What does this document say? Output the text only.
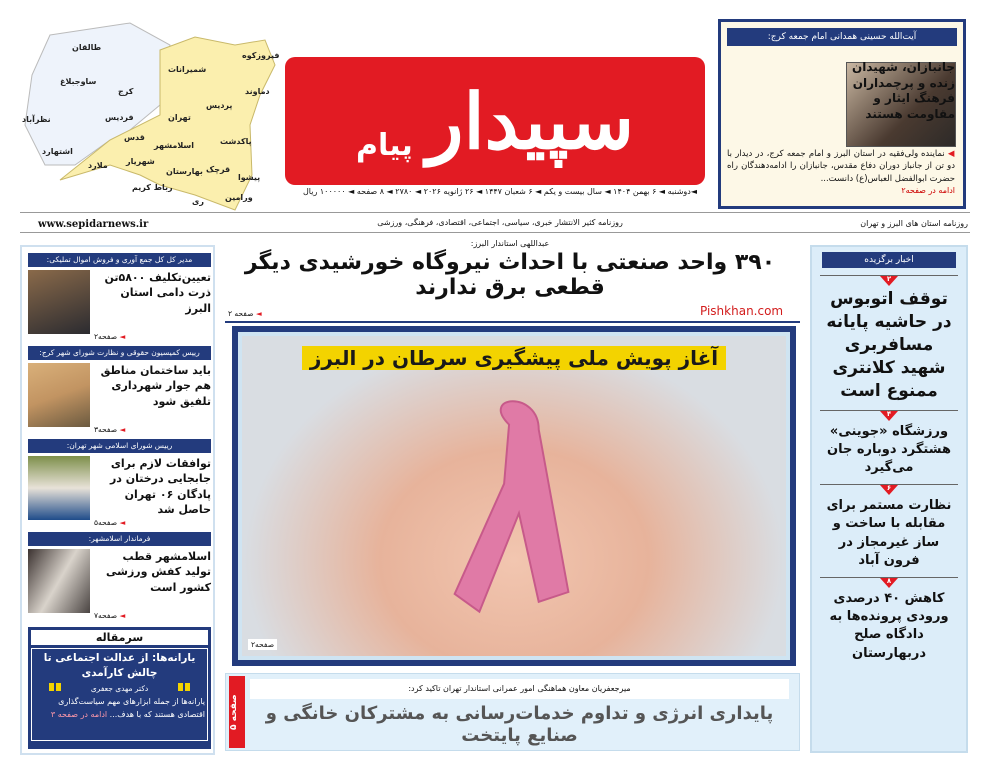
طالقان
ساوجبلاغ
کرج
نظرآباد	فردیس
اشتهارد
شمیرانات
فیروزکوه
دماوند
پردیس
تهران
قدس
اسلامشهر
ملارد شهریار
بهارستان
رباط کریم
ری
قرچک
پاکدشت
پیشوا
ورامین
سپیدار
پیام
◄دوشنبه ◄ ۶ بهمن ۱۴۰۴ ◄ سال بیست و یکم ◄ ۶ شعبان ۱۴۴۷ ◄ ۲۶ ژانویه ۲۰۲۶ ◄ ۲۷۸۰ ◄ ۸ صفحه ◄ ۱۰۰۰۰۰ ریال
روزنامه کثیر الانتشار خبری، سیاسی، اجتماعی، اقتصادی، فرهنگی، ورزشی
www.sepidarnews.ir	روزنامه استان های البرز و تهران
آیت‌الله حسینی همدانی امام جمعه کرج:
جانبازان، شهیدان زنده و پرچمداران فرهنگ ایثار و مقاومت هستند
◀ نماینده ولی‌فقیه در استان البرز و امام جمعه کرج، در دیدار با دو تن از جانباز دوران دفاع مقدس، جانبازان را ادامه‌دهندگان راه حضرت ابوالفضل العباس(ع) دانست...
ادامه در صفحه۲
مدیر کل کل جمع آوری و فروش اموال تملیکی:
تعیین‌تکلیف ۵۸۰۰تن ذرت دامی استان البرز
◄ صفحه۲
رییس کمیسیون حقوقی و نظارت شورای شهر کرج:
باید ساختمان مناطق هم جوار شهرداری تلفیق شود
◄ صفحه۳
رییس شورای اسلامی شهر تهران:
توافقات لازم برای جابجایی درختان در پادگان ۰۶ تهران حاصل شد
◄ صفحه۵
فرماندار اسلامشهر:
اسلامشهر قطب تولید کفش ورزشی کشور است
◄ صفحه۷
سرمقاله
یارانه‌ها: از عدالت اجتماعی تا چالش کارآمدی
دکتر مهدی جعفری
یارانه‌ها از جمله ابزارهای مهم سیاست‌گذاری اقتصادی هستند که با هدف... ادامه در صفحه ۳
عبداللهی استاندار البرز:
۳۹۰ واحد صنعتی با احداث نیروگاه خورشیدی دیگر قطعی برق ندارند
Pishkhan.com
◄ صفحه ۲
آغاز پویش ملی پیشگیری سرطان در البرز
صفحه۲
صفحه ۵
میرجعفریان معاون هماهنگی امور عمرانی استاندار تهران تاکید کرد:
پایداری انرژی و تداوم خدمات‌رسانی به مشترکان خانگی و صنایع پایتخت
اخبار برگزیده
۲
توقف اتوبوس در حاشیه پایانه مسافربری شهید کلانتری ممنوع است
۴
ورزشگاه «جوینی» هشتگرد دوباره جان می‌گیرد
۶
نظارت مستمر برای مقابله با ساخت و ساز غیرمجاز در فرون آباد
۸
کاهش ۴۰ درصدی ورودی پرونده‌ها به دادگاه صلح دربهارستان
